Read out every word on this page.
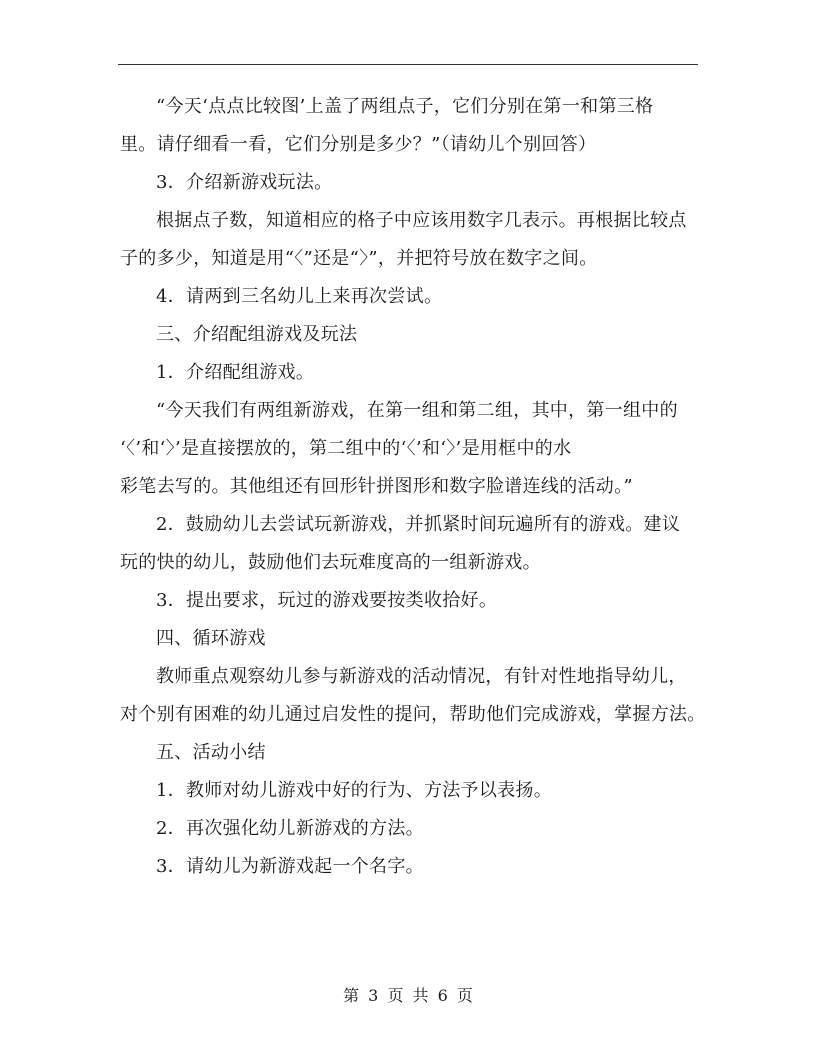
“今天‘点点比较图’上盖了两组点子，它们分别在第一和第三格
里。请仔细看一看，它们分别是多少？”（请幼儿个别回答）
3．介绍新游戏玩法。
根据点子数，知道相应的格子中应该用数字几表示。再根据比较点
子的多少，知道是用“〈”还是“〉”，并把符号放在数字之间。
4．请两到三名幼儿上来再次尝试。
三、介绍配组游戏及玩法
1．介绍配组游戏。
“今天我们有两组新游戏，在第一组和第二组，其中，第一组中的
‘〈’和‘〉’是直接摆放的，第二组中的‘〈’和‘〉’是用框中的水
彩笔去写的。其他组还有回形针拼图形和数字脸谱连线的活动。”
2．鼓励幼儿去尝试玩新游戏，并抓紧时间玩遍所有的游戏。建议
玩的快的幼儿，鼓励他们去玩难度高的一组新游戏。
3．提出要求，玩过的游戏要按类收拾好。
四、循环游戏
教师重点观察幼儿参与新游戏的活动情况，有针对性地指导幼儿，
对个别有困难的幼儿通过启发性的提问，帮助他们完成游戏，掌握方法。
五、活动小结
1．教师对幼儿游戏中好的行为、方法予以表扬。
2．再次强化幼儿新游戏的方法。
3．请幼儿为新游戏起一个名字。
第 3 页 共 6 页
